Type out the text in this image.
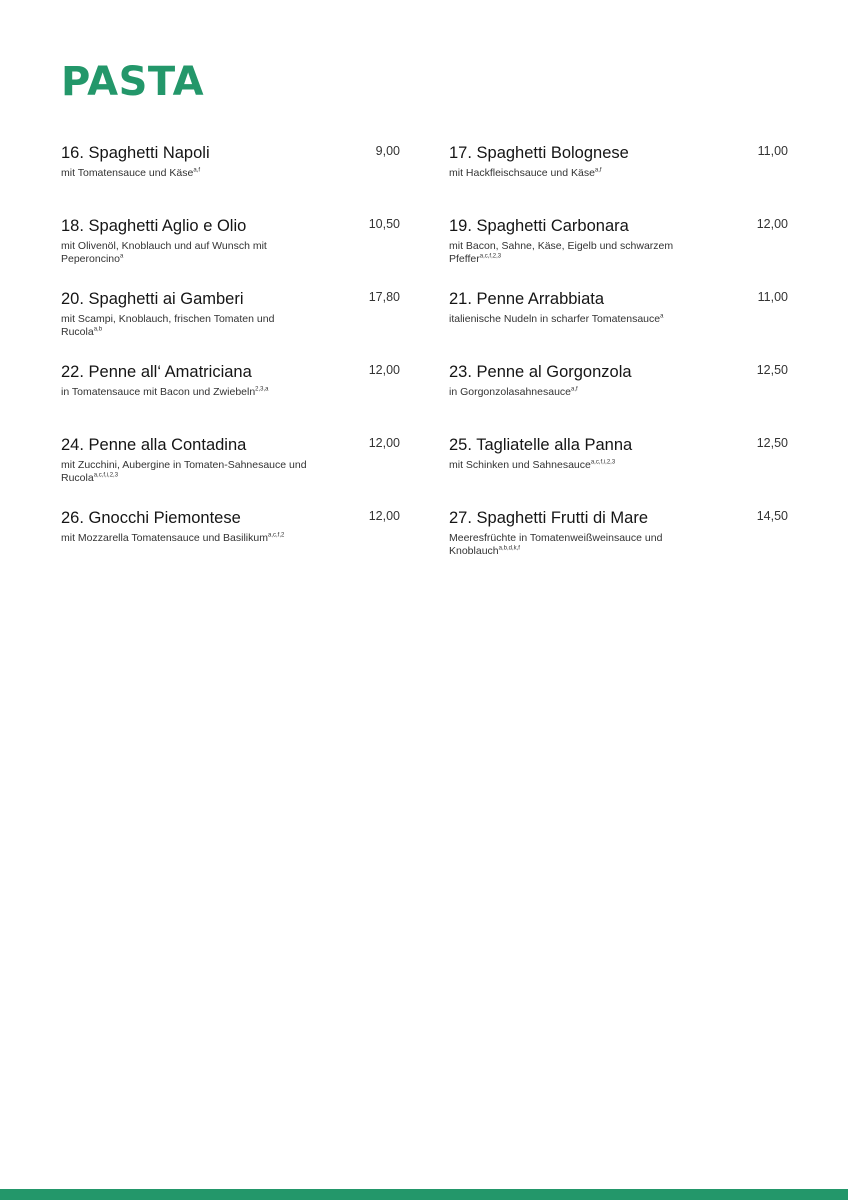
PASTA
16. Spaghetti Napoli	9,00
mit Tomatensauce und Käse$^{a,f}$
17. Spaghetti Bolognese	11,00
mit Hackfleischsauce und Käse$^{a,f}$
18. Spaghetti Aglio e Olio	10,50
mit Olivenöl, Knoblauch und auf Wunsch mit Peperoncino$^a$
19. Spaghetti Carbonara	12,00
mit Bacon, Sahne, Käse, Eigelb und schwarzem Pfeffer$^{a,c,f,2,3}$
20. Spaghetti ai Gamberi	17,80
mit Scampi, Knoblauch, frischen Tomaten und Rucola$^{a,b}$
21. Penne Arrabbiata	11,00
italienische Nudeln in scharfer Tomatensauce$^a$
22. Penne all‘ Amatriciana	12,00
in Tomatensauce mit Bacon und Zwiebeln$^{2,3,a}$
23. Penne al Gorgonzola	12,50
in Gorgonzolasahnesauce$^{a,f}$
24. Penne alla Contadina	12,00
mit Zucchini, Aubergine in Tomaten-Sahnesauce und Rucola$^{a,c,f,i,2,3}$
25. Tagliatelle alla Panna	12,50
mit Schinken und Sahnesauce$^{a,c,f,i,2,3}$
26. Gnocchi Piemontese	12,00
mit Mozzarella Tomatensauce und Basilikum$^{a,c,f,2}$
27. Spaghetti Frutti di Mare	14,50
Meeresfrüchte in Tomatenweißweinsauce und Knoblauch$^{a,b,d,k,f}$
